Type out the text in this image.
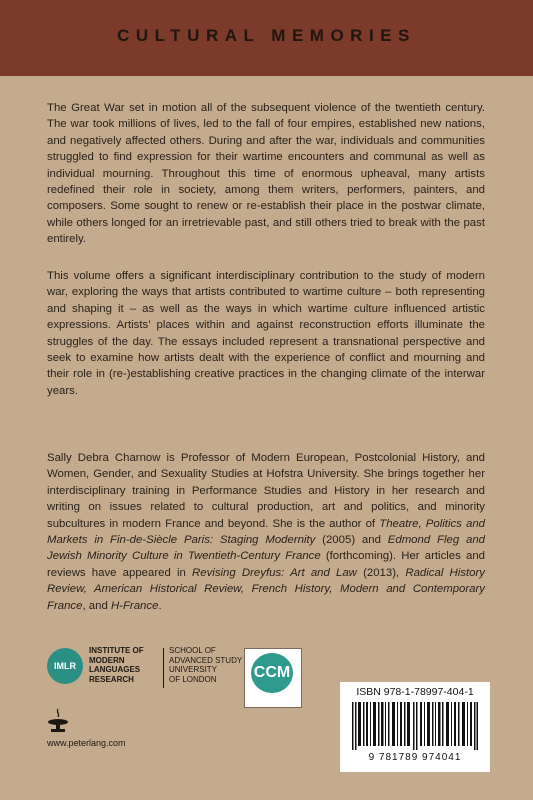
CULTURAL MEMORIES

The Great War set in motion all of the subsequent violence of the twentieth century. The war took millions of lives, led to the fall of four empires, established new nations, and negatively affected others. During and after the war, individuals and communities struggled to find expression for their wartime encounters and communal as well as individual mourning. Throughout this time of enormous upheaval, many artists redefined their role in society, among them writers, performers, painters, and composers. Some sought to renew or re-establish their place in the postwar climate, while others longed for an irretrievable past, and still others tried to break with the past entirely.

This volume offers a significant interdisciplinary contribution to the study of modern war, exploring the ways that artists contributed to wartime culture – both representing and shaping it – as well as the ways in which wartime culture influenced artistic expressions. Artists’ places within and against reconstruction efforts illuminate the struggles of the day. The essays included represent a transnational perspective and seek to examine how artists dealt with the experience of conflict and mourning and their role in (re-)establishing creative practices in the changing climate of the interwar years.

Sally Debra Charnow is Professor of Modern European, Postcolonial History, and Women, Gender, and Sexuality Studies at Hofstra University. She brings together her interdisciplinary training in Performance Studies and History in her research and writing on issues related to cultural production, art and politics, and minority subcultures in modern France and beyond. She is the author of Theatre, Politics and Markets in Fin-de-Siècle Paris: Staging Modernity (2005) and Edmond Fleg and Jewish Minority Culture in Twentieth-Century France (forthcoming). Her articles and reviews have appeared in Revising Dreyfus: Art and Law (2013), Radical History Review, American Historical Review, French History, Modern and Contemporary France, and H-France.

IMLR
INSTITUTE OF
MODERN
LANGUAGES
RESEARCH
SCHOOL OF
ADVANCED STUDY
UNIVERSITY
OF LONDON	CCM
www.peterlang.com
ISBN 978-1-78997-404-1
9 781789 974041
